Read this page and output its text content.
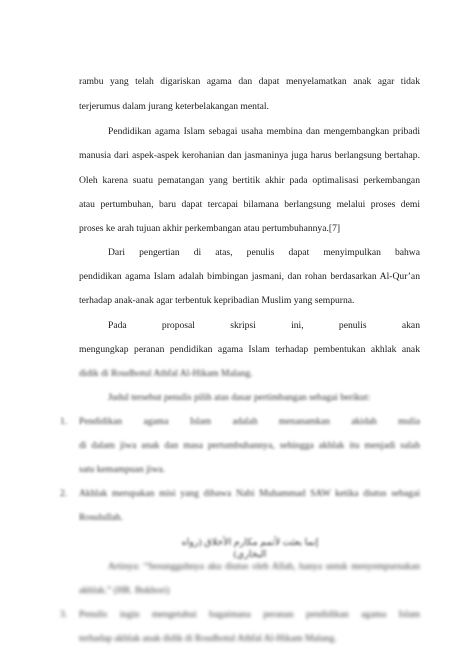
rambu yang telah digariskan agama dan dapat menyelamatkan anak agar tidak
terjerumus dalam jurang keterbelakangan mental.
Pendidikan agama Islam sebagai usaha membina dan mengembangkan pribadi
manusia dari aspek-aspek kerohanian dan jasmaninya juga harus berlangsung bertahap.
Oleh karena suatu pematangan yang bertitik akhir pada optimalisasi perkembangan
atau pertumbuhan, baru dapat tercapai bilamana berlangsung melalui proses demi
proses ke arah tujuan akhir perkembangan atau pertumbuhannya.[7]
Dari pengertian di atas, penulis dapat menyimpulkan bahwa
pendidikan agama Islam adalah bimbingan jasmani, dan rohan berdasarkan Al-Qur’an
terhadap anak-anak agar terbentuk kepribadian Muslim yang sempurna.
Pada proposal skripsi ini, penulis akan
mengungkap peranan pendidikan agama Islam terhadap pembentukan akhlak anak
didik di Roudhotul Athfal Al-Hikam Malang.
Judul tersebut penulis pilih atas dasar pertimbangan sebagai berikut:
1. Pendidikan agama Islam adalah menanamkan akidah mulia
di dalam jiwa anak dan masa pertumbuhannya, sehingga akhlak itu menjadi salah
satu kemampuan jiwa.
2. Akhlak merupakan misi yang dibawa Nabi Muhammad SAW ketika diutus sebagai
Rosulullah.
إنما بعثت لأتمم مكارم الأخلاق (رواه البخاري)
Artinya: “Sesungguhnya aku diutus oleh Allah, hanya untuk menyempurnakan
akhlak.” (HR. Bukhori)
3. Penulis ingin mengetahui bagaimana peranan pendidikan agama Islam
terhadap akhlak anak didik di Roudhotul Athfal Al-Hikam Malang.
